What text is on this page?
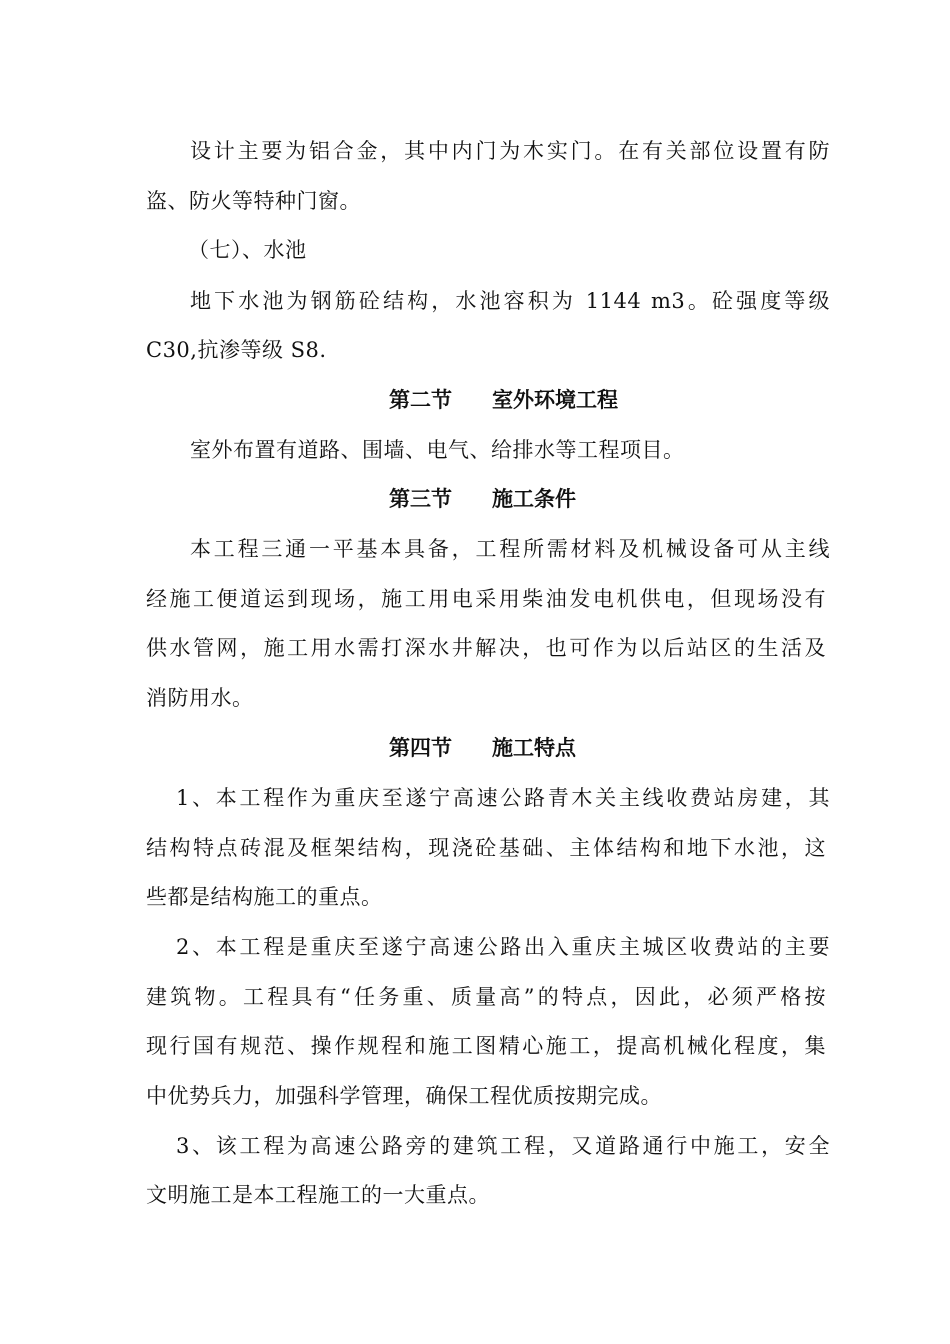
设计主要为铝合金，其中内门为木实门。在有关部位设置有防
盗、防火等特种门窗。
（七）、水池
地下水池为钢筋砼结构，水池容积为 1144 m3。砼强度等级
C30,抗渗等级 S8.
第二节 室外环境工程
室外布置有道路、围墙、电气、给排水等工程项目。
第三节 施工条件
本工程三通一平基本具备，工程所需材料及机械设备可从主线
经施工便道运到现场，施工用电采用柴油发电机供电，但现场没有
供水管网，施工用水需打深水井解决，也可作为以后站区的生活及
消防用水。
第四节 施工特点
1、本工程作为重庆至遂宁高速公路青木关主线收费站房建，其
结构特点砖混及框架结构，现浇砼基础、主体结构和地下水池，这
些都是结构施工的重点。
2、本工程是重庆至遂宁高速公路出入重庆主城区收费站的主要
建筑物。工程具有“任务重、质量高”的特点，因此，必须严格按
现行国有规范、操作规程和施工图精心施工，提高机械化程度，集
中优势兵力，加强科学管理，确保工程优质按期完成。
3、该工程为高速公路旁的建筑工程，又道路通行中施工，安全
文明施工是本工程施工的一大重点。
